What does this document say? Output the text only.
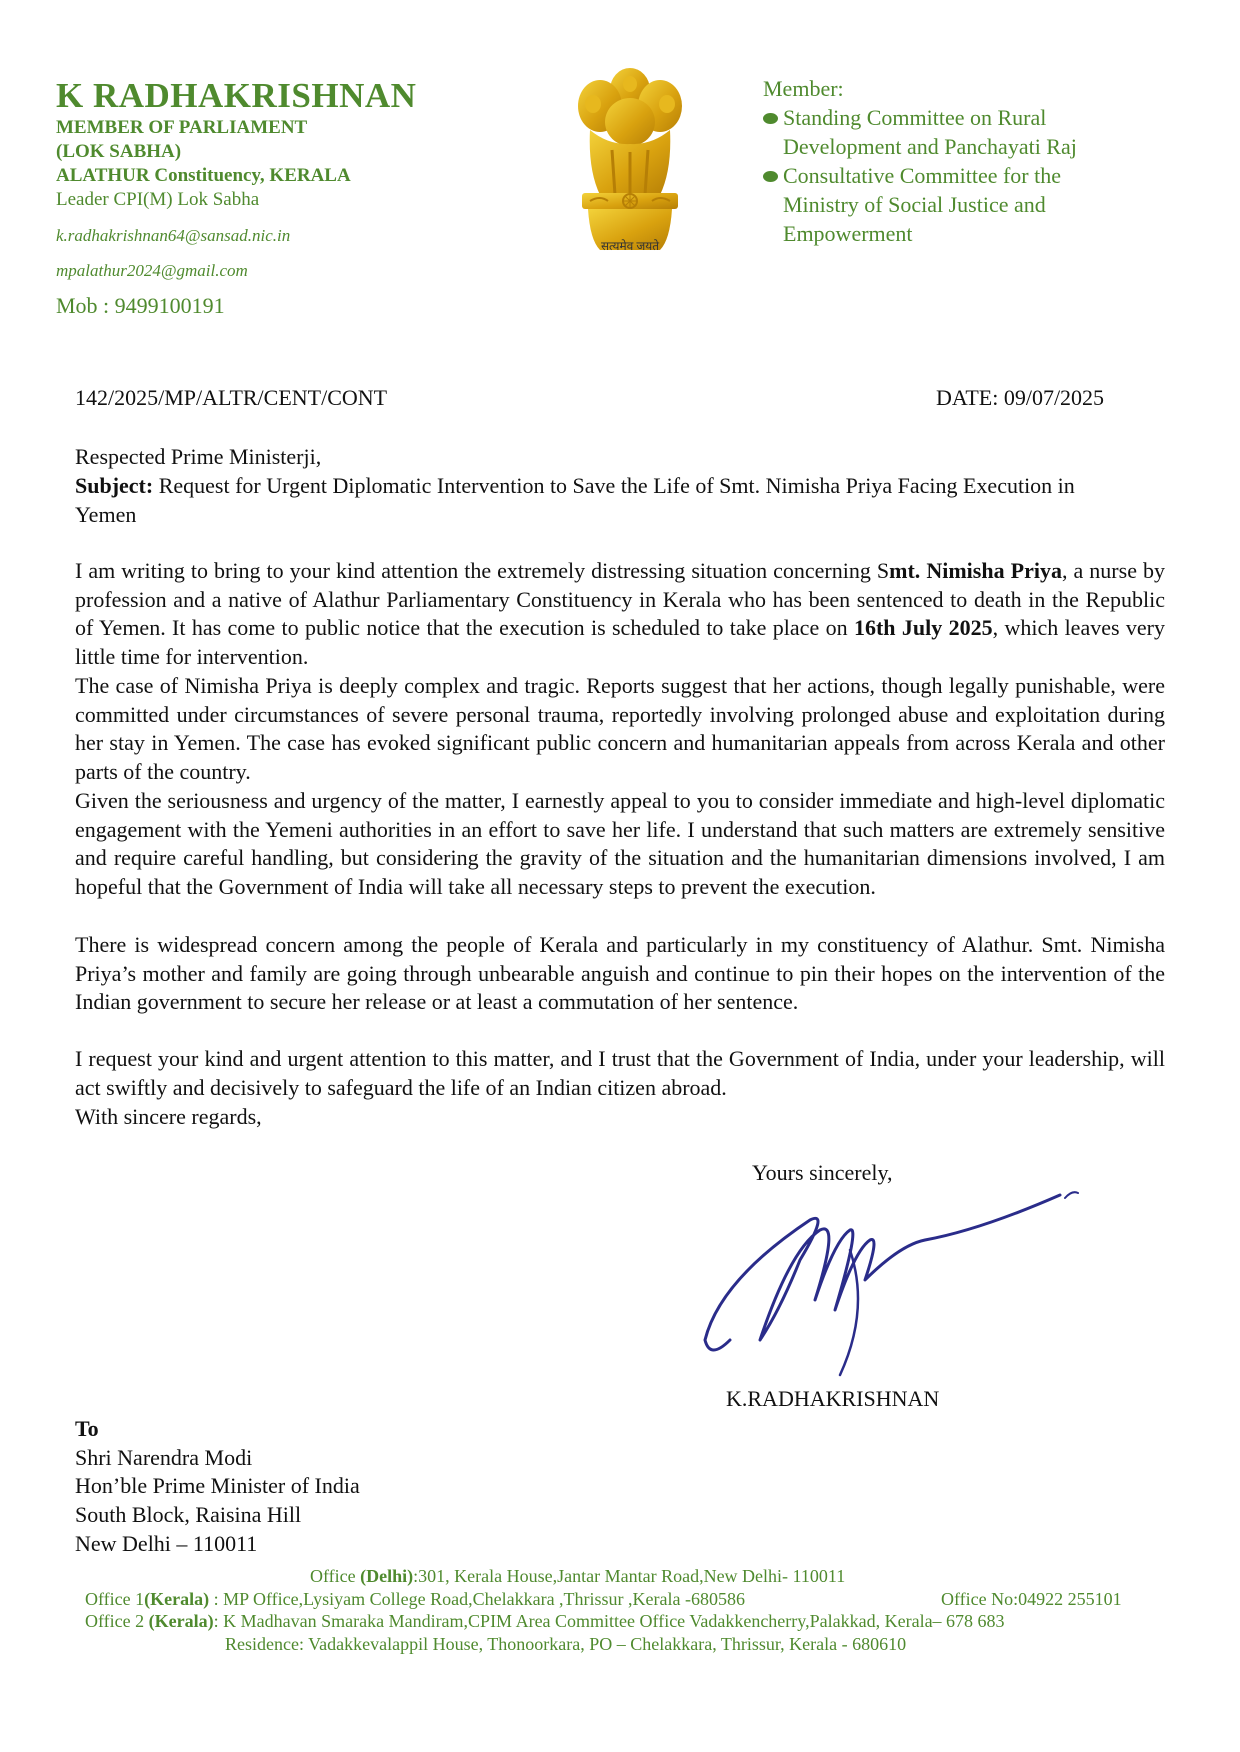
K RADHAKRISHNAN
MEMBER OF PARLIAMENT
(LOK SABHA)
ALATHUR Constituency, KERALA
Leader CPI(M) Lok Sabha
k.radhakrishnan64@sansad.nic.in
mpalathur2024@gmail.com
Mob : 9499100191
सत्यमेव जयते
Member:
Standing Committee on Rural
Development and Panchayati Raj
Consultative Committee for the
Ministry of Social Justice and
Empowerment
142/2025/MP/ALTR/CENT/CONT	DATE: 09/07/2025
Respected Prime Ministerji,
Subject: Request for Urgent Diplomatic Intervention to Save the Life of Smt. Nimisha Priya Facing Execution in Yemen
I am writing to bring to your kind attention the extremely distressing situation concerning Smt. Nimisha Priya, a nurse by profession and a native of Alathur Parliamentary Constituency in Kerala who has been sentenced to death in the Republic of Yemen. It has come to public notice that the execution is scheduled to take place on 16th July 2025, which leaves very little time for intervention.
The case of Nimisha Priya is deeply complex and tragic. Reports suggest that her actions, though legally punishable, were committed under circumstances of severe personal trauma, reportedly involving prolonged abuse and exploitation during her stay in Yemen. The case has evoked significant public concern and humanitarian appeals from across Kerala and other parts of the country.
Given the seriousness and urgency of the matter, I earnestly appeal to you to consider immediate and high-level diplomatic engagement with the Yemeni authorities in an effort to save her life. I understand that such matters are extremely sensitive and require careful handling, but considering the gravity of the situation and the humanitarian dimensions involved, I am hopeful that the Government of India will take all necessary steps to prevent the execution.
There is widespread concern among the people of Kerala and particularly in my constituency of Alathur. Smt. Nimisha Priya’s mother and family are going through unbearable anguish and continue to pin their hopes on the intervention of the Indian government to secure her release or at least a commutation of her sentence.
I request your kind and urgent attention to this matter, and I trust that the Government of India, under your leadership, will act swiftly and decisively to safeguard the life of an Indian citizen abroad.
With sincere regards,
Yours sincerely,
K.RADHAKRISHNAN
To
Shri Narendra Modi
Hon’ble Prime Minister of India
South Block, Raisina Hill
New Delhi – 110011
Office (Delhi):301, Kerala House,Jantar Mantar Road,New Delhi- 110011
Office 1(Kerala) : MP Office,Lysiyam College Road,Chelakkara ,Thrissur ,Kerala -680586	Office No:04922 255101
Office 2 (Kerala): K Madhavan Smaraka Mandiram,CPIM Area Committee Office Vadakkencherry,Palakkad, Kerala– 678 683
Residence: Vadakkevalappil House, Thonoorkara, PO – Chelakkara, Thrissur, Kerala - 680610
